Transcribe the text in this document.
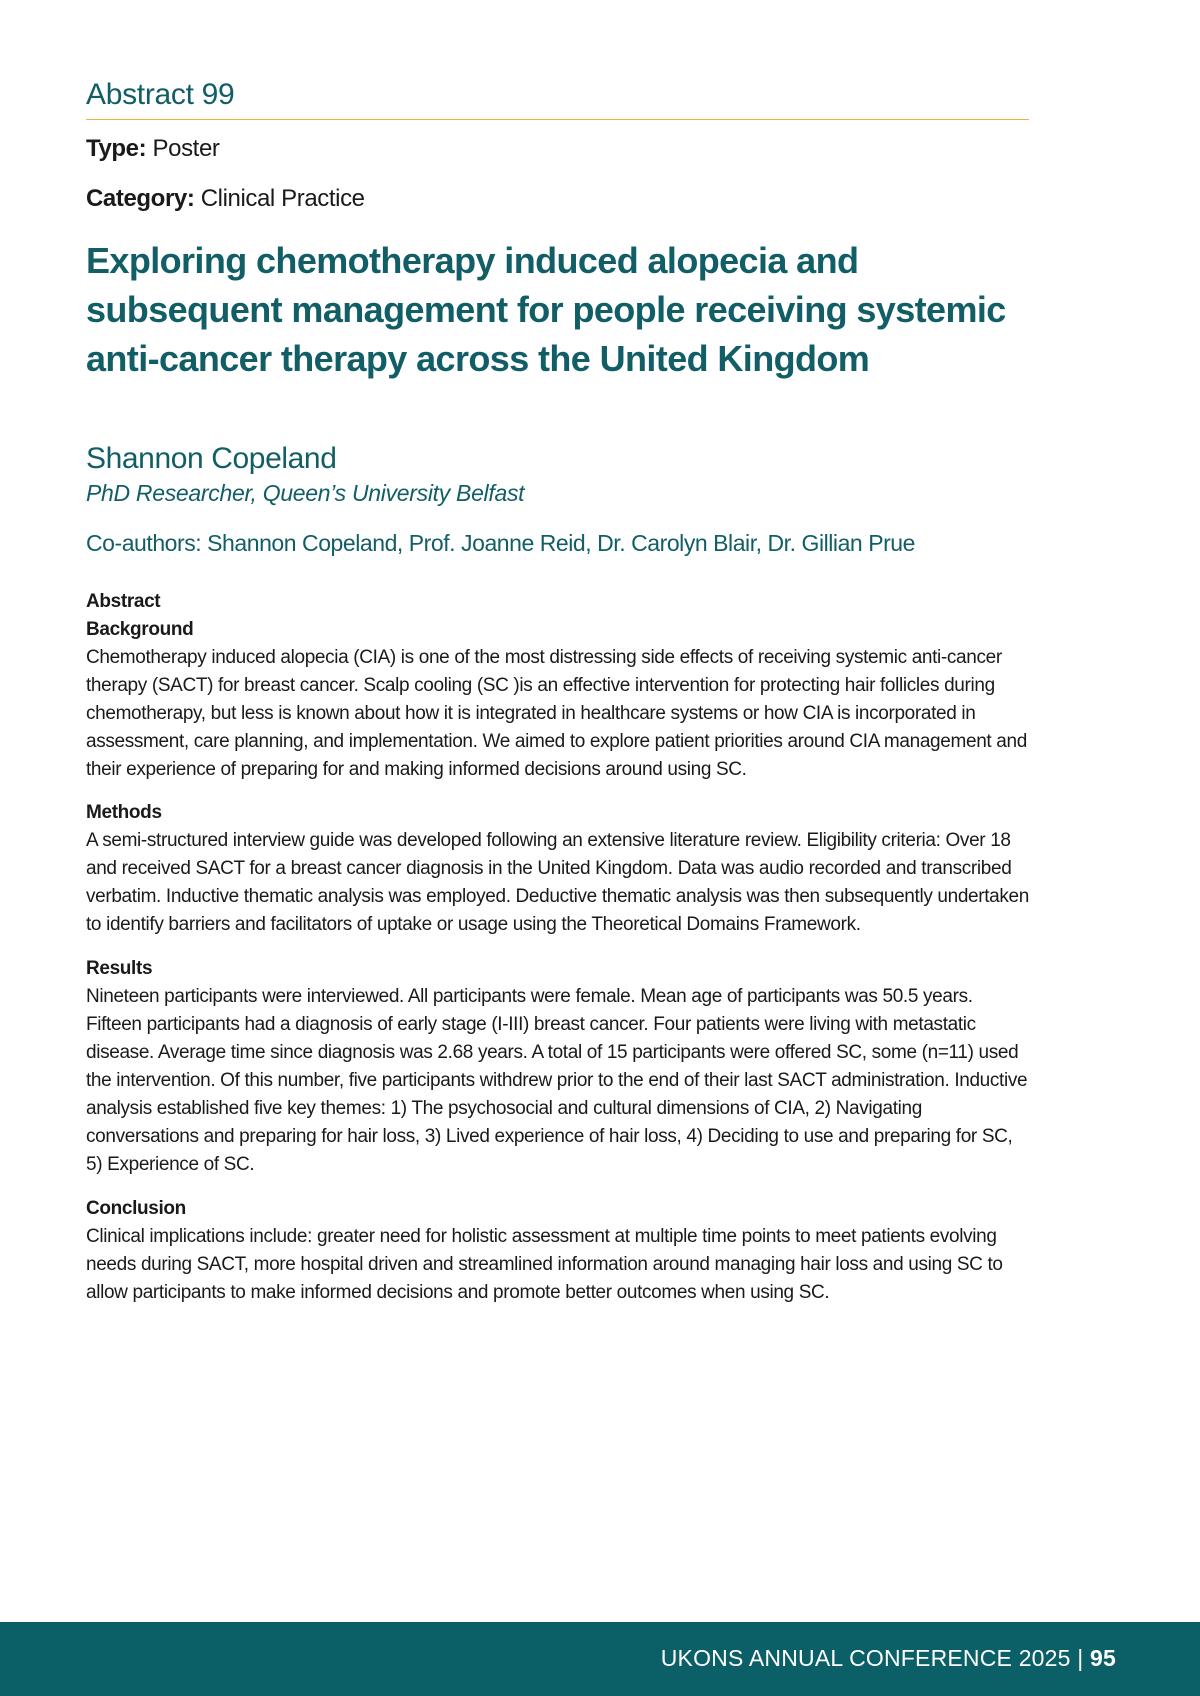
Abstract 99
Type: Poster
Category: Clinical Practice
Exploring chemotherapy induced alopecia and subsequent management for people receiving systemic anti-cancer therapy across the United Kingdom
Shannon Copeland
PhD Researcher, Queen’s University Belfast
Co-authors: Shannon Copeland, Prof. Joanne Reid, Dr. Carolyn Blair, Dr. Gillian Prue
Abstract
Background

Chemotherapy induced alopecia (CIA) is one of the most distressing side effects of receiving systemic anti-cancer therapy (SACT) for breast cancer. Scalp cooling (SC )is an effective intervention for protecting hair follicles during chemotherapy, but less is known about how it is integrated in healthcare systems or how CIA is incorporated in assessment, care planning, and implementation. We aimed to explore patient priorities around CIA management and their experience of preparing for and making informed decisions around using SC.

Methods

A semi-structured interview guide was developed following an extensive literature review. Eligibility criteria: Over 18 and received SACT for a breast cancer diagnosis in the United Kingdom. Data was audio recorded and transcribed verbatim. Inductive thematic analysis was employed. Deductive thematic analysis was then subsequently undertaken to identify barriers and facilitators of uptake or usage using the Theoretical Domains Framework.

Results

Nineteen participants were interviewed. All participants were female. Mean age of participants was 50.5 years. Fifteen participants had a diagnosis of early stage (I-III) breast cancer. Four patients were living with metastatic disease. Average time since diagnosis was 2.68 years. A total of 15 participants were offered SC, some (n=11) used the intervention. Of this number, five participants withdrew prior to the end of their last SACT administration. Inductive analysis established five key themes: 1) The psychosocial and cultural dimensions of CIA, 2) Navigating conversations and preparing for hair loss, 3) Lived experience of hair loss, 4) Deciding to use and preparing for SC, 5) Experience of SC.

Conclusion

Clinical implications include: greater need for holistic assessment at multiple time points to meet patients evolving needs during SACT, more hospital driven and streamlined information around managing hair loss and using SC to allow participants to make informed decisions and promote better outcomes when using SC.

UKONS ANNUAL CONFERENCE 2025 | 95
